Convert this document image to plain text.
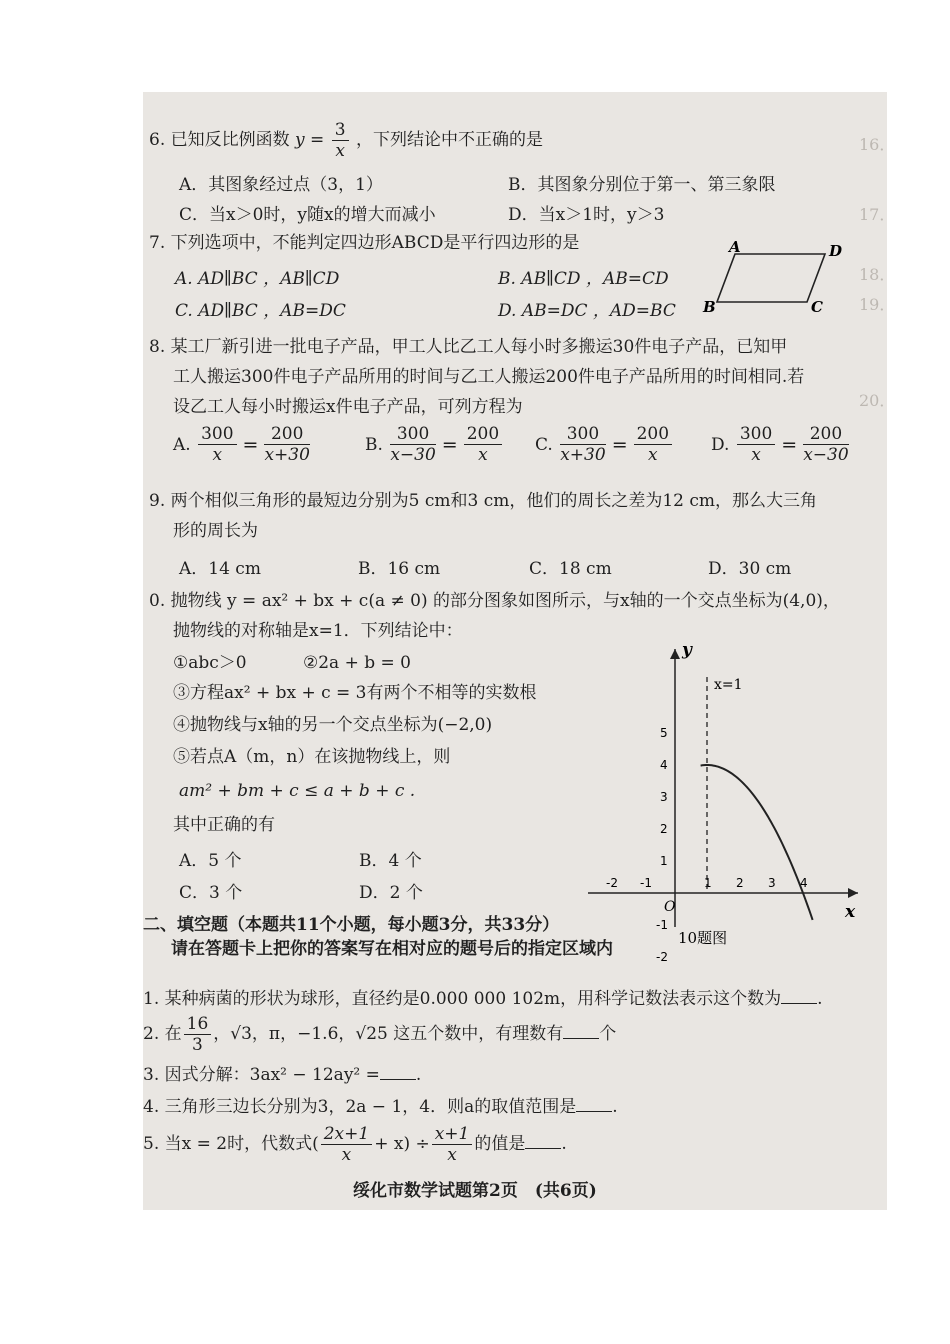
16．
17．
18．
19．
20．
6. 已知反比例函数 $y = \frac{3}{x}$ ，下列结论中不正确的是
A．其图象经过点（3，1）	B．其图象分别位于第一、第三象限
C．当x＞0时，y随x的增大而减小	D．当x＞1时，y＞3
7. 下列选项中，不能判定四边形ABCD是平行四边形的是
A. AD∥BC ，AB∥CD	B. AB∥CD ，AB=CD
C. AD∥BC ，AB=DC	D. AB=DC ，AD=BC
A	D
B	C
8. 某工厂新引进一批电子产品，甲工人比乙工人每小时多搬运30件电子产品，已知甲
工人搬运300件电子产品所用的时间与乙工人搬运200件电子产品所用的时间相同.若
设乙工人每小时搬运x件电子产品，可列方程为
A. $\frac{300}{x} = \frac{200}{x+30}$	B. $\frac{300}{x-30} = \frac{200}{x} C$. $\frac{300}{x+30} = \frac{200}{x} D$. $\frac{300}{x} = \frac{200}{x-30}$
9. 两个相似三角形的最短边分别为5 cm和3 cm，他们的周长之差为12 cm，那么大三角
形的周长为
A．14 cm	B．16 cm	C．18 cm	D．30 cm
0. 抛物线 y = ax² + bx + c(a ≠ 0) 的部分图象如图所示，与x轴的一个交点坐标为(4,0)，
抛物线的对称轴是x=1．下列结论中：
①abc＞0	②2a + b = 0
③方程ax² + bx + c = 3有两个不相等的实数根
④抛物线与x轴的另一个交点坐标为(−2,0)
⑤若点A（m，n）在该抛物线上，则
am² + bm + c ≤ a + b + c .
其中正确的有
A．5 个	B．4 个
C．3 个	D．2 个
x
y
O
-2 -1	1 2 3 4
5
4
3
2
1
-1
-2
x=1
10题图
二、填空题（本题共11个小题，每小题3分，共33分）
请在答题卡上把你的答案写在相对应的题号后的指定区域内
1. 某种病菌的形状为球形，直径约是0.000 000 102m，用科学记数法表示这个数为 .
2. 在 $\frac{16}{3}$ ，√3，π，−1.6，√25 这五个数中，有理数有 个
3. 因式分解：3ax² − 12ay² = .
4. 三角形三边长分别为3，2a − 1，4．则a的取值范围是 .
5. 当x = 2时，代数式( $\frac{2x+1}{x} + x) \div \frac{x+1}{x}$ 的值是 .
绥化市数学试题第2页　(共6页)
